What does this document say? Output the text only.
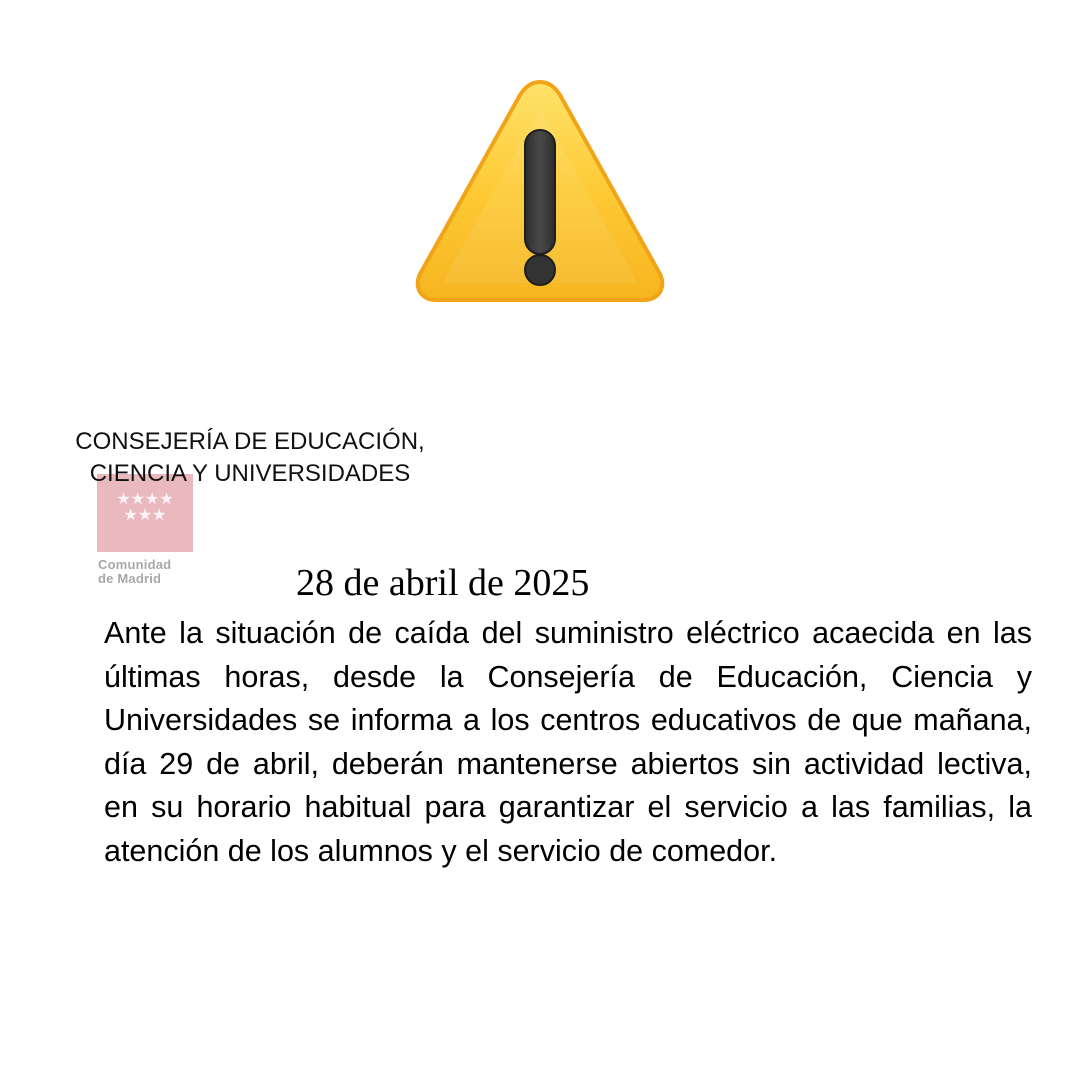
★★★★
★★★
CONSEJERÍA DE EDUCACIÓN,
CIENCIA Y UNIVERSIDADES
Comunidad
de Madrid	28 de abril de 2025

Ante la situación de caída del suministro eléctrico acaecida en las últimas horas, desde la Consejería de Educación, Ciencia y Universidades se informa a los centros educativos de que mañana, día 29 de abril, deberán mantenerse abiertos sin actividad lectiva, en su horario habitual para garantizar el servicio a las familias, la atención de los alumnos y el servicio de comedor.
